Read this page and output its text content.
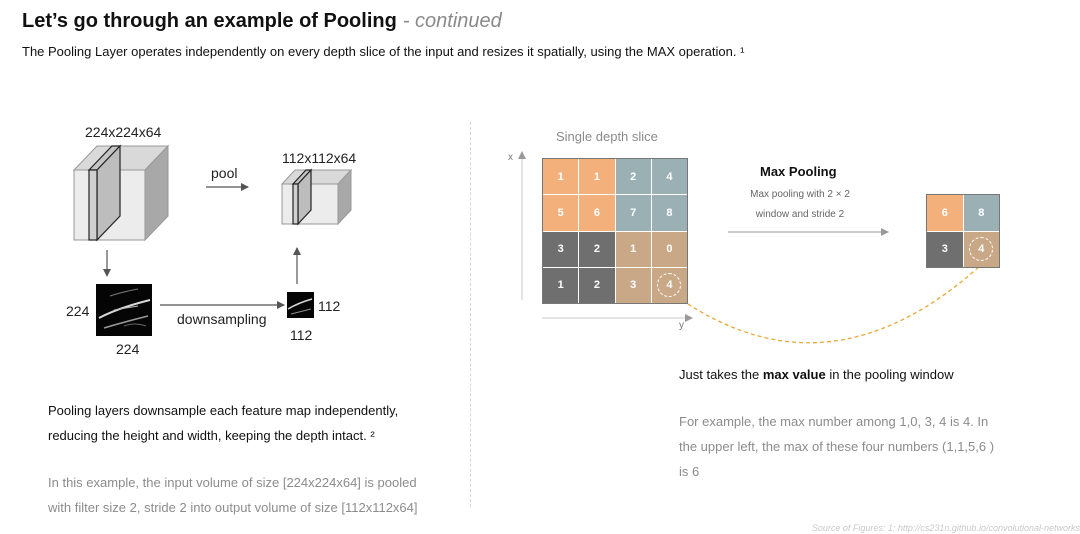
Let’s go through an example of Pooling - continued
The Pooling Layer operates independently on every depth slice of the input and resizes it spatially, using the MAX operation. ¹
224x224x64
pool
112x112x64
224
224
downsampling
112
112
Pooling layers downsample each feature map independently,
reducing the height and width, keeping the depth intact. ²
In this example, the input volume of size [224x224x64] is pooled
with filter size 2, stride 2 into output volume of size [112x112x64]
Single depth slice
x
y
1	1	2	4
5	6	7	8
3	2	1	0
1	2	3	4
Max Pooling
Max pooling with 2 × 2
window and stride 2	6	8
3	4
Just takes the max value in the pooling window
For example, the max number among 1,0, 3, 4 is 4. In
the upper left, the max of these four numbers (1,1,5,6 )
is 6
Source of Figures: 1: http://cs231n.github.io/convolutional-networks
